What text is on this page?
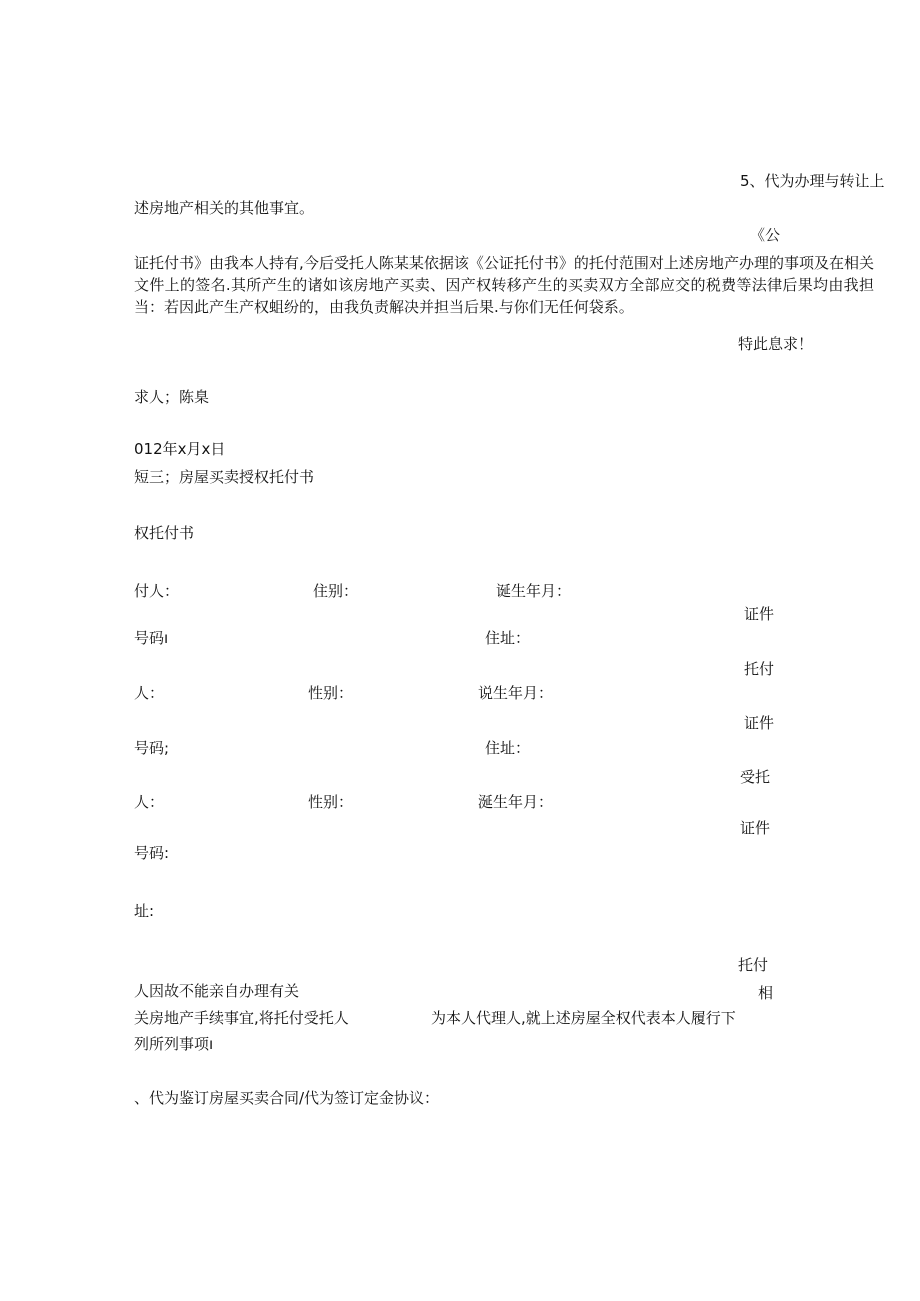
5、代为办理与转让上
述房地产相关的其他事宜。
《公
证托付书》由我本人持有,今后受托人陈某某依据该《公证托付书》的托付范围对上述房地产办理的事项及在相关文件上的签名.其所产生的诸如该房地产买卖、因产权转移产生的买卖双方全部应交的税费等法律后果均由我担当：若因此产生产权蛆纷的，由我负责解决并担当后果.与你们无任何袋系。
特此息求！
求人；陈臬
012年x月x日
短三；房屋买卖授权托付书
权托付书
付人：	住别：	诞生年月：
证件
号码ı	住址：
托付
人：	性别：	说生年月：
证件
号码;	住址：
受托
人：	性别：	涎生年月：
证件
号码:
址:
托付
人因故不能亲自办理有关	相
关房地产手续事宜,将托付受托人	为本人代理人,就上述房屋全权代表本人履行下
列所列事项ı
、代为鉴订房屋买卖合同/代为签订定金协议：
